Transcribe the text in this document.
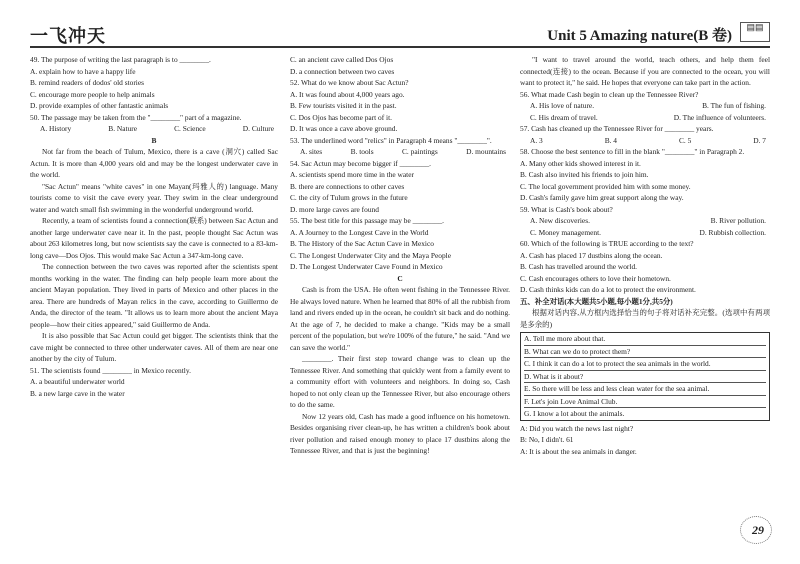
一飞冲天	Unit 5 Amazing nature(B 卷)
▤▤

49. The purpose of writing the last paragraph is to ________.

A. explain how to have a happy life

B. remind readers of dodos' old stories

C. encourage more people to help animals

D. provide examples of other fantastic animals

50. The passage may be taken from the "________" part of a magazine.

A. History	B. Nature	C. Science	D. Culture

B

Not far from the beach of Tulum, Mexico, there is a cave (洞穴) called Sac Actun. It is more than 4,000 years old and may be the longest underwater cave in the world.

"Sac Actun" means "white caves" in one Mayan(玛雅人的) language. Many tourists come to visit the cave every year. They swim in the clear underground water and watch small fish swimming in the wonderful underground world.

Recently, a team of scientists found a connection(联系) between Sac Actun and another large underwater cave near it. In the past, people thought Sac Actun was about 263 kilometres long, but now scientists say the cave is connected to a 83-km-long cave—Dos Ojos. This would make Sac Actun a 347-km-long cave.

The connection between the two caves was reported after the scientists spent months working in the water. The finding can help people learn more about the ancient Mayan population. They lived in parts of Mexico and other places in the area. There are hundreds of Mayan relics in the cave, according to Guillermo de Anda, the director of the team. "It allows us to learn more about the ancient Maya people—how their cities appeared," said Guillermo de Anda.

It is also possible that Sac Actun could get bigger. The scientists think that the cave might be connected to three other underwater caves. All of them are near one another by the city of Tulum.

51. The scientists found ________ in Mexico recently.

A. a beautiful underwater world

B. a new large cave in the water

C. an ancient cave called Dos Ojos

D. a connection between two caves

52. What do we know about Sac Actun?

A. It was found about 4,000 years ago.

B. Few tourists visited it in the past.

C. Dos Ojos has become part of it.

D. It was once a cave above ground.

53. The underlined word "relics" in Paragraph 4 means "________".

A. sites	B. tools	C. paintings	D. mountains

54. Sac Actun may become bigger if ________.

A. scientists spend more time in the water

B. there are connections to other caves

C. the city of Tulum grows in the future

D. more large caves are found

55. The best title for this passage may be ________.

A. A Journey to the Longest Cave in the World

B. The History of the Sac Actun Cave in Mexico

C. The Longest Underwater City and the Maya People

D. The Longest Underwater Cave Found in Mexico

C

Cash is from the USA. He often went fishing in the Tennessee River. He always loved nature. When he learned that 80% of all the rubbish from land and rivers ended up in the ocean, he couldn't sit back and do nothing. At the age of 7, he decided to make a change. "Kids may be a small percent of the population, but we're 100% of the future," he said. "And we can save the world."

________. Their first step toward change was to clean up the Tennessee River. And something that quickly went from a family event to a community effort with volunteers and neighbors. In doing so, Cash hoped to not only clean up the Tennessee River, but also encourage others to do the same.

Now 12 years old, Cash has made a good influence on his hometown. Besides organising river clean-up, he has written a children's book about river pollution and raised enough money to place 17 dustbins along the Tennessee River, and that is just the beginning!

"I want to travel around the world, teach others, and help them feel connected(连接) to the ocean. Because if you are connected to the ocean, you will want to protect it," he said. He hopes that everyone can take part in the action.

56. What made Cash begin to clean up the Tennessee River?

A. His love of nature.	B. The fun of fishing.
C. His dream of travel.	D. The influence of volunteers.

57. Cash has cleaned up the Tennessee River for ________ years.

A. 3	B. 4	C. 5	D. 7

58. Choose the best sentence to fill in the blank "________" in Paragraph 2.

A. Many other kids showed interest in it.

B. Cash also invited his friends to join him.

C. The local government provided him with some money.

D. Cash's family gave him great support along the way.

59. What is Cash's book about?

A. New discoveries.	B. River pollution.
C. Money management.	D. Rubbish collection.

60. Which of the following is TRUE according to the text?

A. Cash has placed 17 dustbins along the ocean.

B. Cash has travelled around the world.

C. Cash encourages others to love their hometown.

D. Cash thinks kids can do a lot to protect the environment.

五、补全对话(本大题共5小题,每小题1分,共5分)

根据对话内容,从方框内选择恰当的句子将对话补充完整。(选项中有两项是多余的)

A. Tell me more about that.

B. What can we do to protect them?

C. I think it can do a lot to protect the sea animals in the world.

D. What is it about?

E. So there will be less and less clean water for the sea animal.

F. Let's join Love Animal Club.

G. I know a lot about the animals.

A: Did you watch the news last night?

B: No, I didn't. 61

A: It is about the sea animals in danger.

29
